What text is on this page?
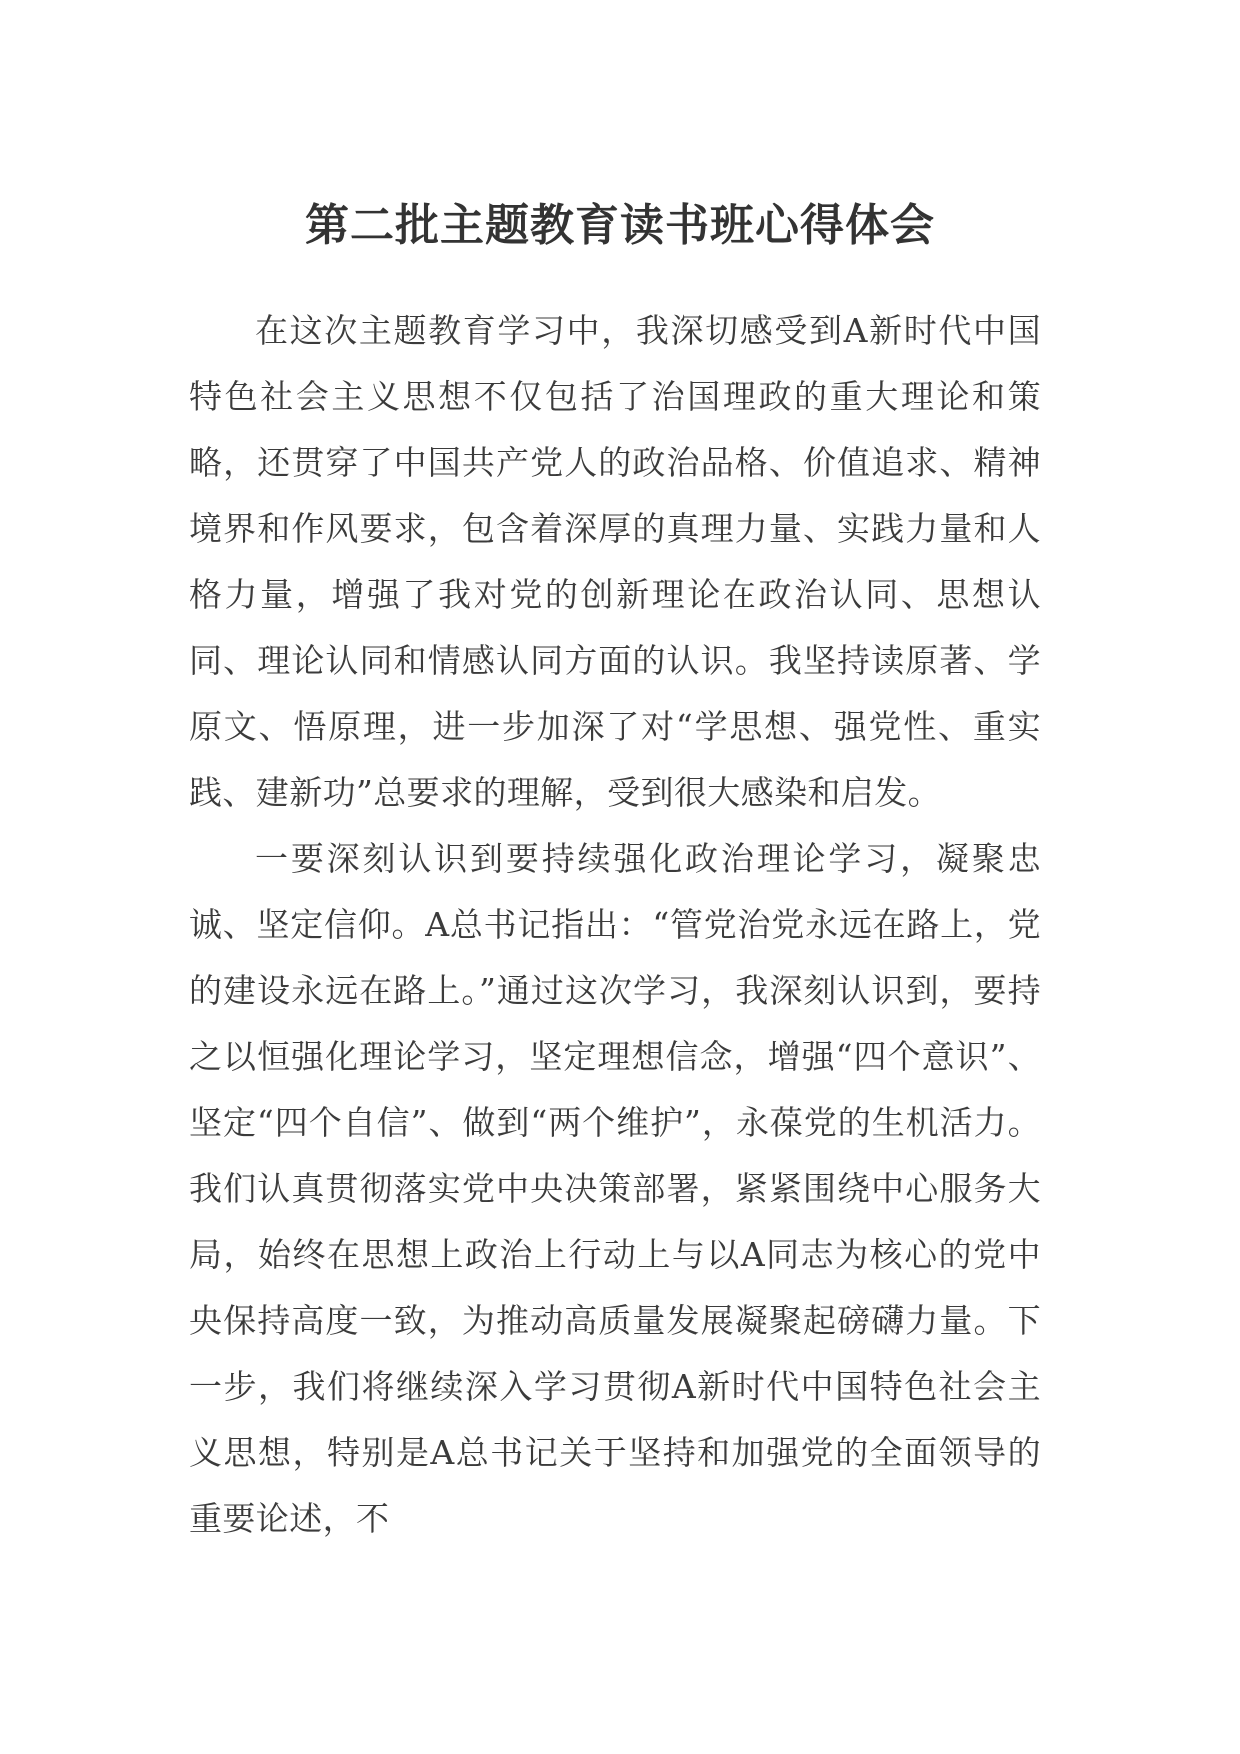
第二批主题教育读书班心得体会

在这次主题教育学习中，我深切感受到A新时代中国特色社会主义思想不仅包括了治国理政的重大理论和策略，还贯穿了中国共产党人的政治品格、价值追求、精神境界和作风要求，包含着深厚的真理力量、实践力量和人格力量，增强了我对党的创新理论在政治认同、思想认同、理论认同和情感认同方面的认识。我坚持读原著、学原文、悟原理，进一步加深了对“学思想、强党性、重实践、建新功”总要求的理解，受到很大感染和启发。

一要深刻认识到要持续强化政治理论学习，凝聚忠诚、坚定信仰。A总书记指出：“管党治党永远在路上，党的建设永远在路上。”通过这次学习，我深刻认识到，要持之以恒强化理论学习，坚定理想信念，增强“四个意识”、坚定“四个自信”、做到“两个维护”，永葆党的生机活力。我们认真贯彻落实党中央决策部署，紧紧围绕中心服务大局，始终在思想上政治上行动上与以A同志为核心的党中央保持高度一致，为推动高质量发展凝聚起磅礴力量。下一步，我们将继续深入学习贯彻A新时代中国特色社会主义思想，特别是A总书记关于坚持和加强党的全面领导的重要论述，不
